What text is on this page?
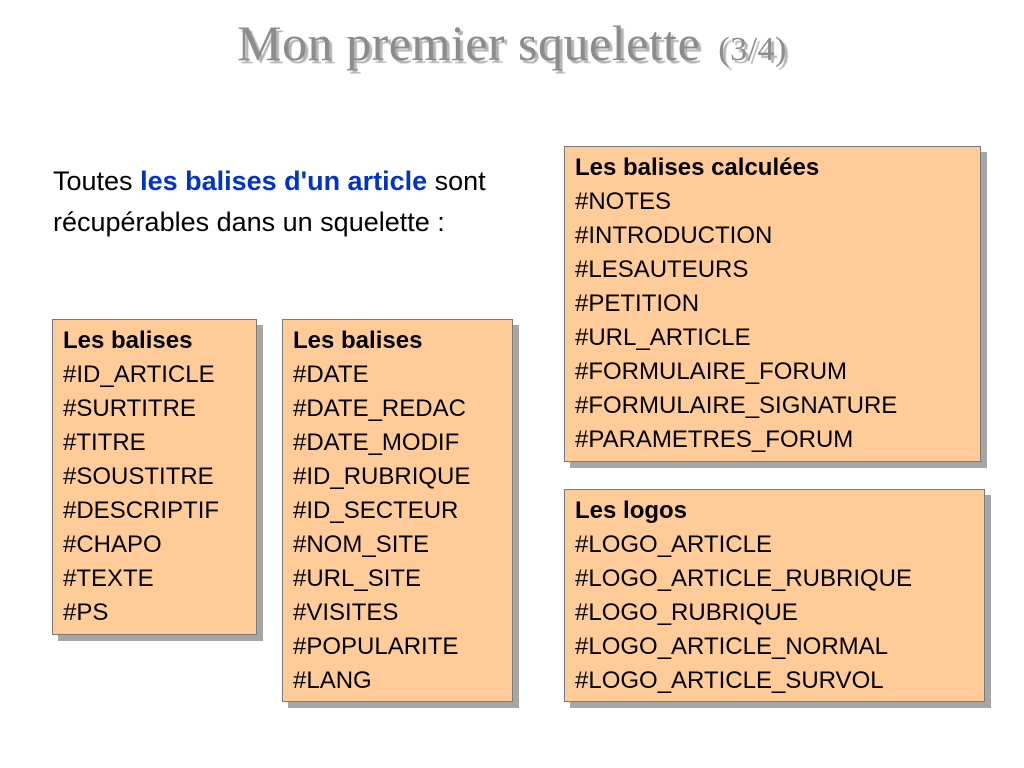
Mon premier squelette (3/4)
Toutes les balises d'un article sont récupérables dans un squelette :
Les balises
#ID_ARTICLE
#SURTITRE
#TITRE
#SOUSTITRE
#DESCRIPTIF
#CHAPO
#TEXTE
#PS
Les balises
#DATE
#DATE_REDAC
#DATE_MODIF
#ID_RUBRIQUE
#ID_SECTEUR
#NOM_SITE
#URL_SITE
#VISITES
#POPULARITE
#LANG
Les balises calculées
#NOTES
#INTRODUCTION
#LESAUTEURS
#PETITION
#URL_ARTICLE
#FORMULAIRE_FORUM
#FORMULAIRE_SIGNATURE
#PARAMETRES_FORUM
Les logos
#LOGO_ARTICLE
#LOGO_ARTICLE_RUBRIQUE
#LOGO_RUBRIQUE
#LOGO_ARTICLE_NORMAL
#LOGO_ARTICLE_SURVOL
